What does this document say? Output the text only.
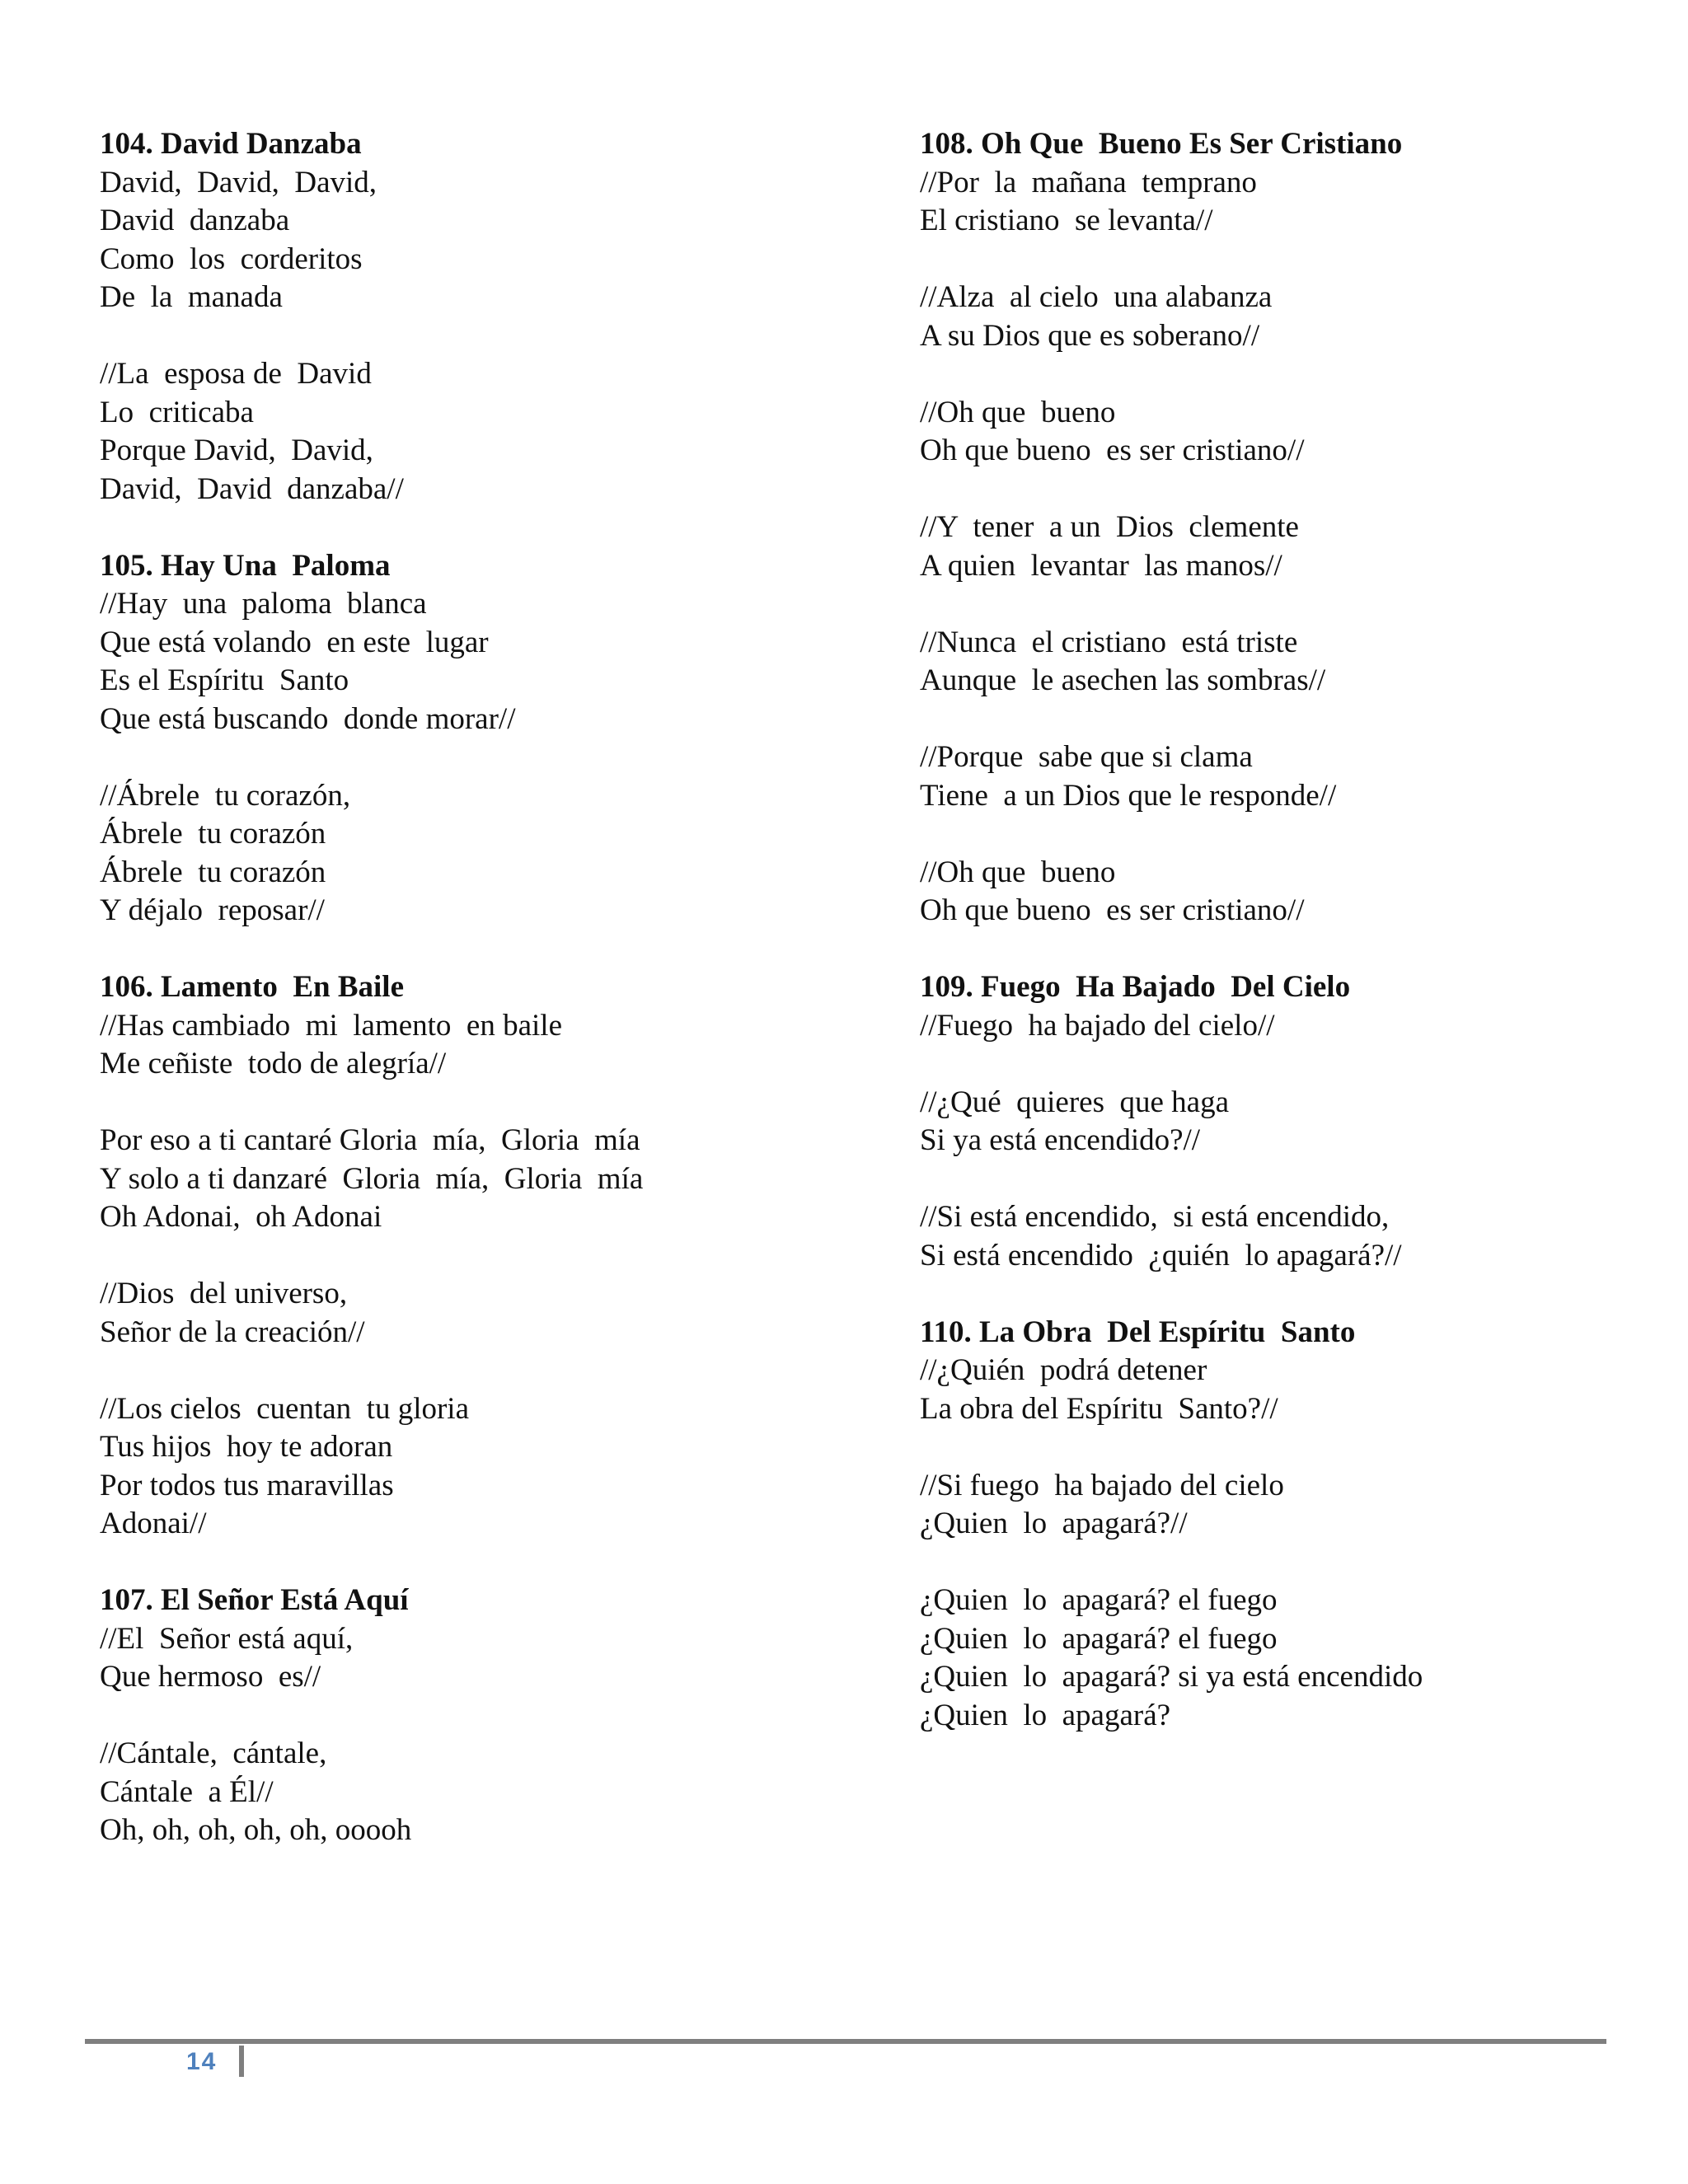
104. David Danzaba
David,  David,  David,
David  danzaba
Como  los  corderitos
De  la  manada
//La  esposa de  David
Lo  criticaba
Porque David,  David,
David,  David  danzaba//
105. Hay Una  Paloma
//Hay  una  paloma  blanca
Que está volando  en este  lugar
Es el Espíritu  Santo
Que está buscando  donde morar//
//Ábrele  tu corazón,
Ábrele  tu corazón
Ábrele  tu corazón
Y déjalo  reposar//
106. Lamento  En Baile
//Has cambiado  mi  lamento  en baile
Me ceñiste  todo de alegría//
Por eso a ti cantaré Gloria  mía,  Gloria  mía
Y solo a ti danzaré  Gloria  mía,  Gloria  mía
Oh Adonai,  oh Adonai
//Dios  del universo,
Señor de la creación//
//Los cielos  cuentan  tu gloria
Tus hijos  hoy te adoran
Por todos tus maravillas
Adonai//
107. El Señor Está Aquí
//El  Señor está aquí,
Que hermoso  es//
//Cántale,  cántale,
Cántale  a Él//
Oh, oh, oh, oh, oh, ooooh
108. Oh Que  Bueno Es Ser Cristiano
//Por  la  mañana  temprano
El cristiano  se levanta//
//Alza  al cielo  una alabanza
A su Dios que es soberano//
//Oh que  bueno
Oh que bueno  es ser cristiano//
//Y  tener  a un  Dios  clemente
A quien  levantar  las manos//
//Nunca  el cristiano  está triste
Aunque  le asechen las sombras//
//Porque  sabe que si clama
Tiene  a un Dios que le responde//
//Oh que  bueno
Oh que bueno  es ser cristiano//
109. Fuego  Ha Bajado  Del Cielo
//Fuego  ha bajado del cielo//
//¿Qué  quieres  que haga
Si ya está encendido?//
//Si está encendido,  si está encendido,
Si está encendido  ¿quién  lo apagará?//
110. La Obra  Del Espíritu  Santo
//¿Quién  podrá detener
La obra del Espíritu  Santo?//
//Si fuego  ha bajado del cielo
¿Quien  lo  apagará?//
¿Quien  lo  apagará? el fuego
¿Quien  lo  apagará? el fuego
¿Quien  lo  apagará? si ya está encendido
¿Quien  lo  apagará?
14
